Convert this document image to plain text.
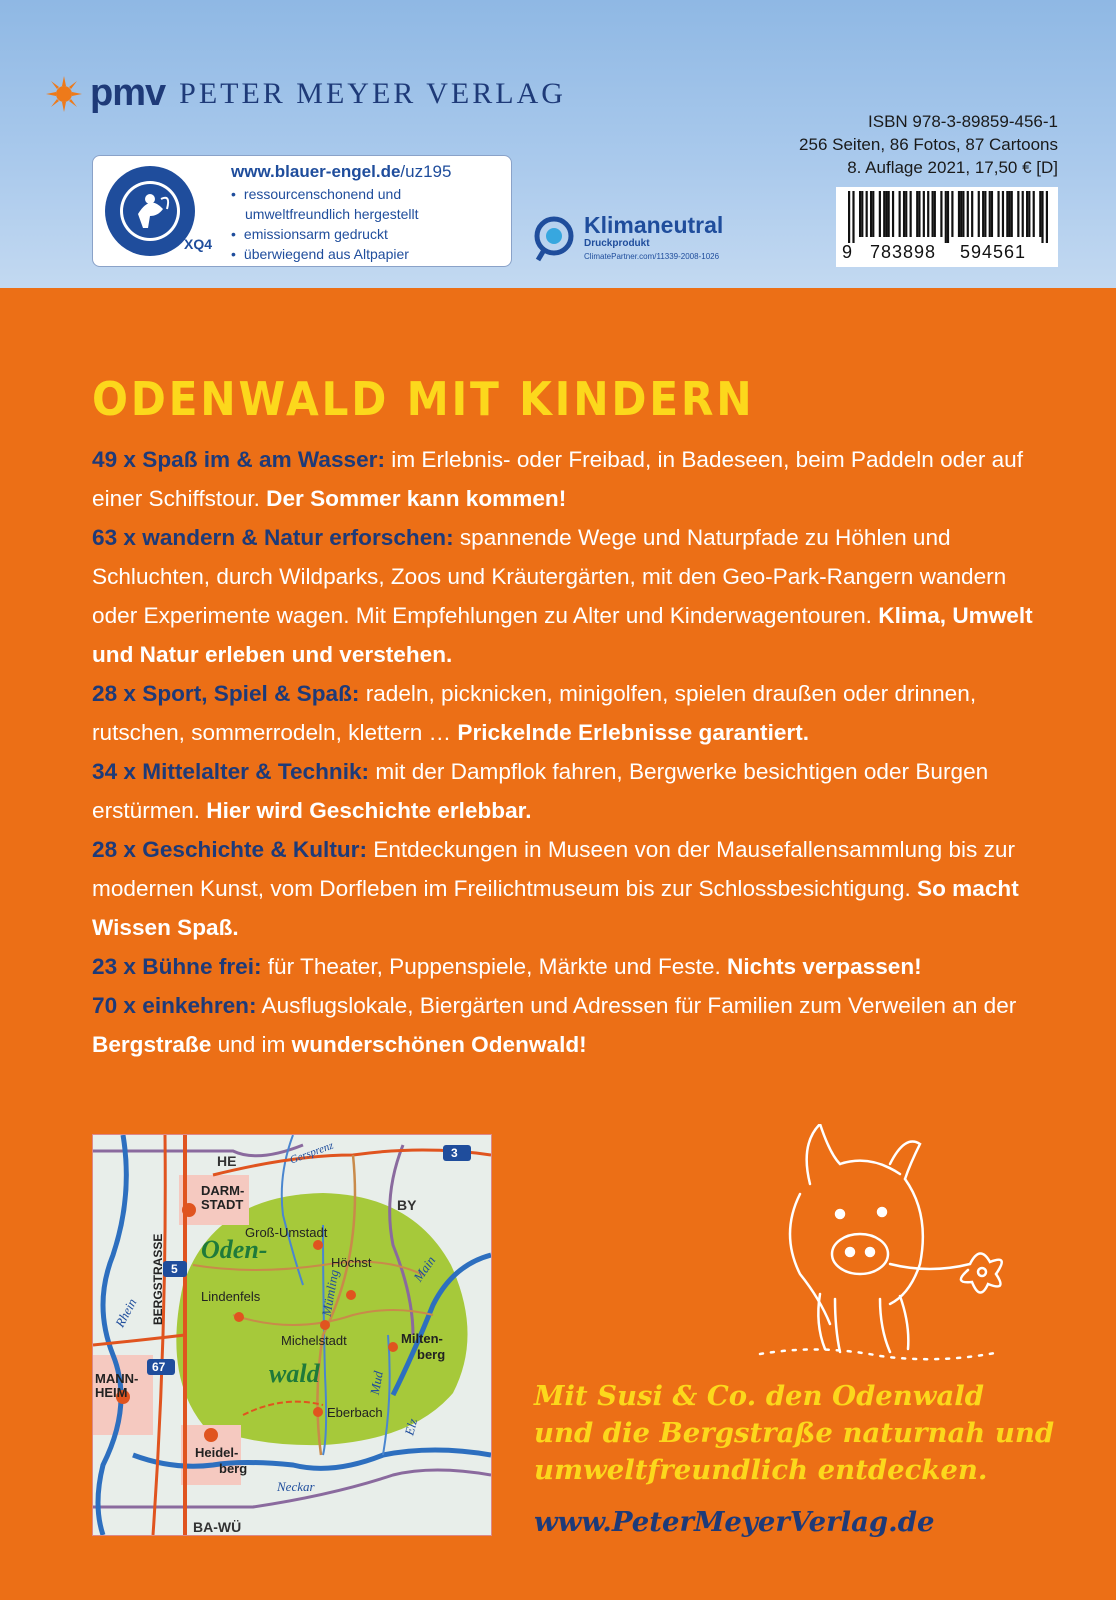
pmv PETER MEYER VERLAG
XQ4
www.blauer-engel.de/uz195
• ressourcenschonend und
umweltfreundlich hergestellt
• emissionsarm gedruckt
• überwiegend aus Altpapier
Klimaneutral
Druckprodukt
ClimatePartner.com/11339-2008-1026
ISBN 978-3-89859-456-1
256 Seiten, 86 Fotos, 87 Cartoons
8. Auflage 2021, 17,50 € [D]
9 783898 594561
ODENWALD MIT KINDERN

49 x Spaß im & am Wasser: im Erlebnis- oder Freibad, in Badeseen, beim Paddeln oder auf einer Schiffstour. Der Sommer kann kommen!

63 x wandern & Natur erforschen: spannende Wege und Naturpfade zu Höhlen und Schluchten, durch Wildparks, Zoos und Kräutergärten, mit den Geo-Park-Rangern wandern oder Experimente wagen. Mit Empfehlungen zu Alter und Kinderwagentouren. Klima, Umwelt und Natur erleben und verstehen.

28 x Sport, Spiel & Spaß: radeln, picknicken, minigolfen, spielen draußen oder drinnen, rutschen, sommerrodeln, klettern … Prickelnde Erlebnisse garantiert.

34 x Mittelalter & Technik: mit der Dampflok fahren, Bergwerke besichtigen oder Burgen erstürmen. Hier wird Geschichte erlebbar.

28 x Geschichte & Kultur: Entdeckungen in Museen von der Mausefallensammlung bis zur modernen Kunst, vom Dorfleben im Freilichtmuseum bis zur Schlossbesichtigung. So macht Wissen Spaß.

23 x Bühne frei: für Theater, Puppenspiele, Märkte und Feste. Nichts verpassen!

70 x einkehren: Ausflugslokale, Biergärten und Adressen für Familien zum Verweilen an der Bergstraße und im wunderschönen Odenwald!

HE
BY
BA-WÜ
DARM-
STADT
MANN-
HEIM
Heidel-
berg
Milten-
berg
Groß-Umstadt
Höchst
Lindenfels
Michelstadt
Eberbach
Oden-
wald
BERGSTRASSE
Rhein
Main
Neckar
Mümling
Mud
Elz
Gersprenz	3
5
67
Mit Susi & Co. den Odenwald
und die Bergstraße naturnah und
umweltfreundlich entdecken.
www.PeterMeyerVerlag.de
